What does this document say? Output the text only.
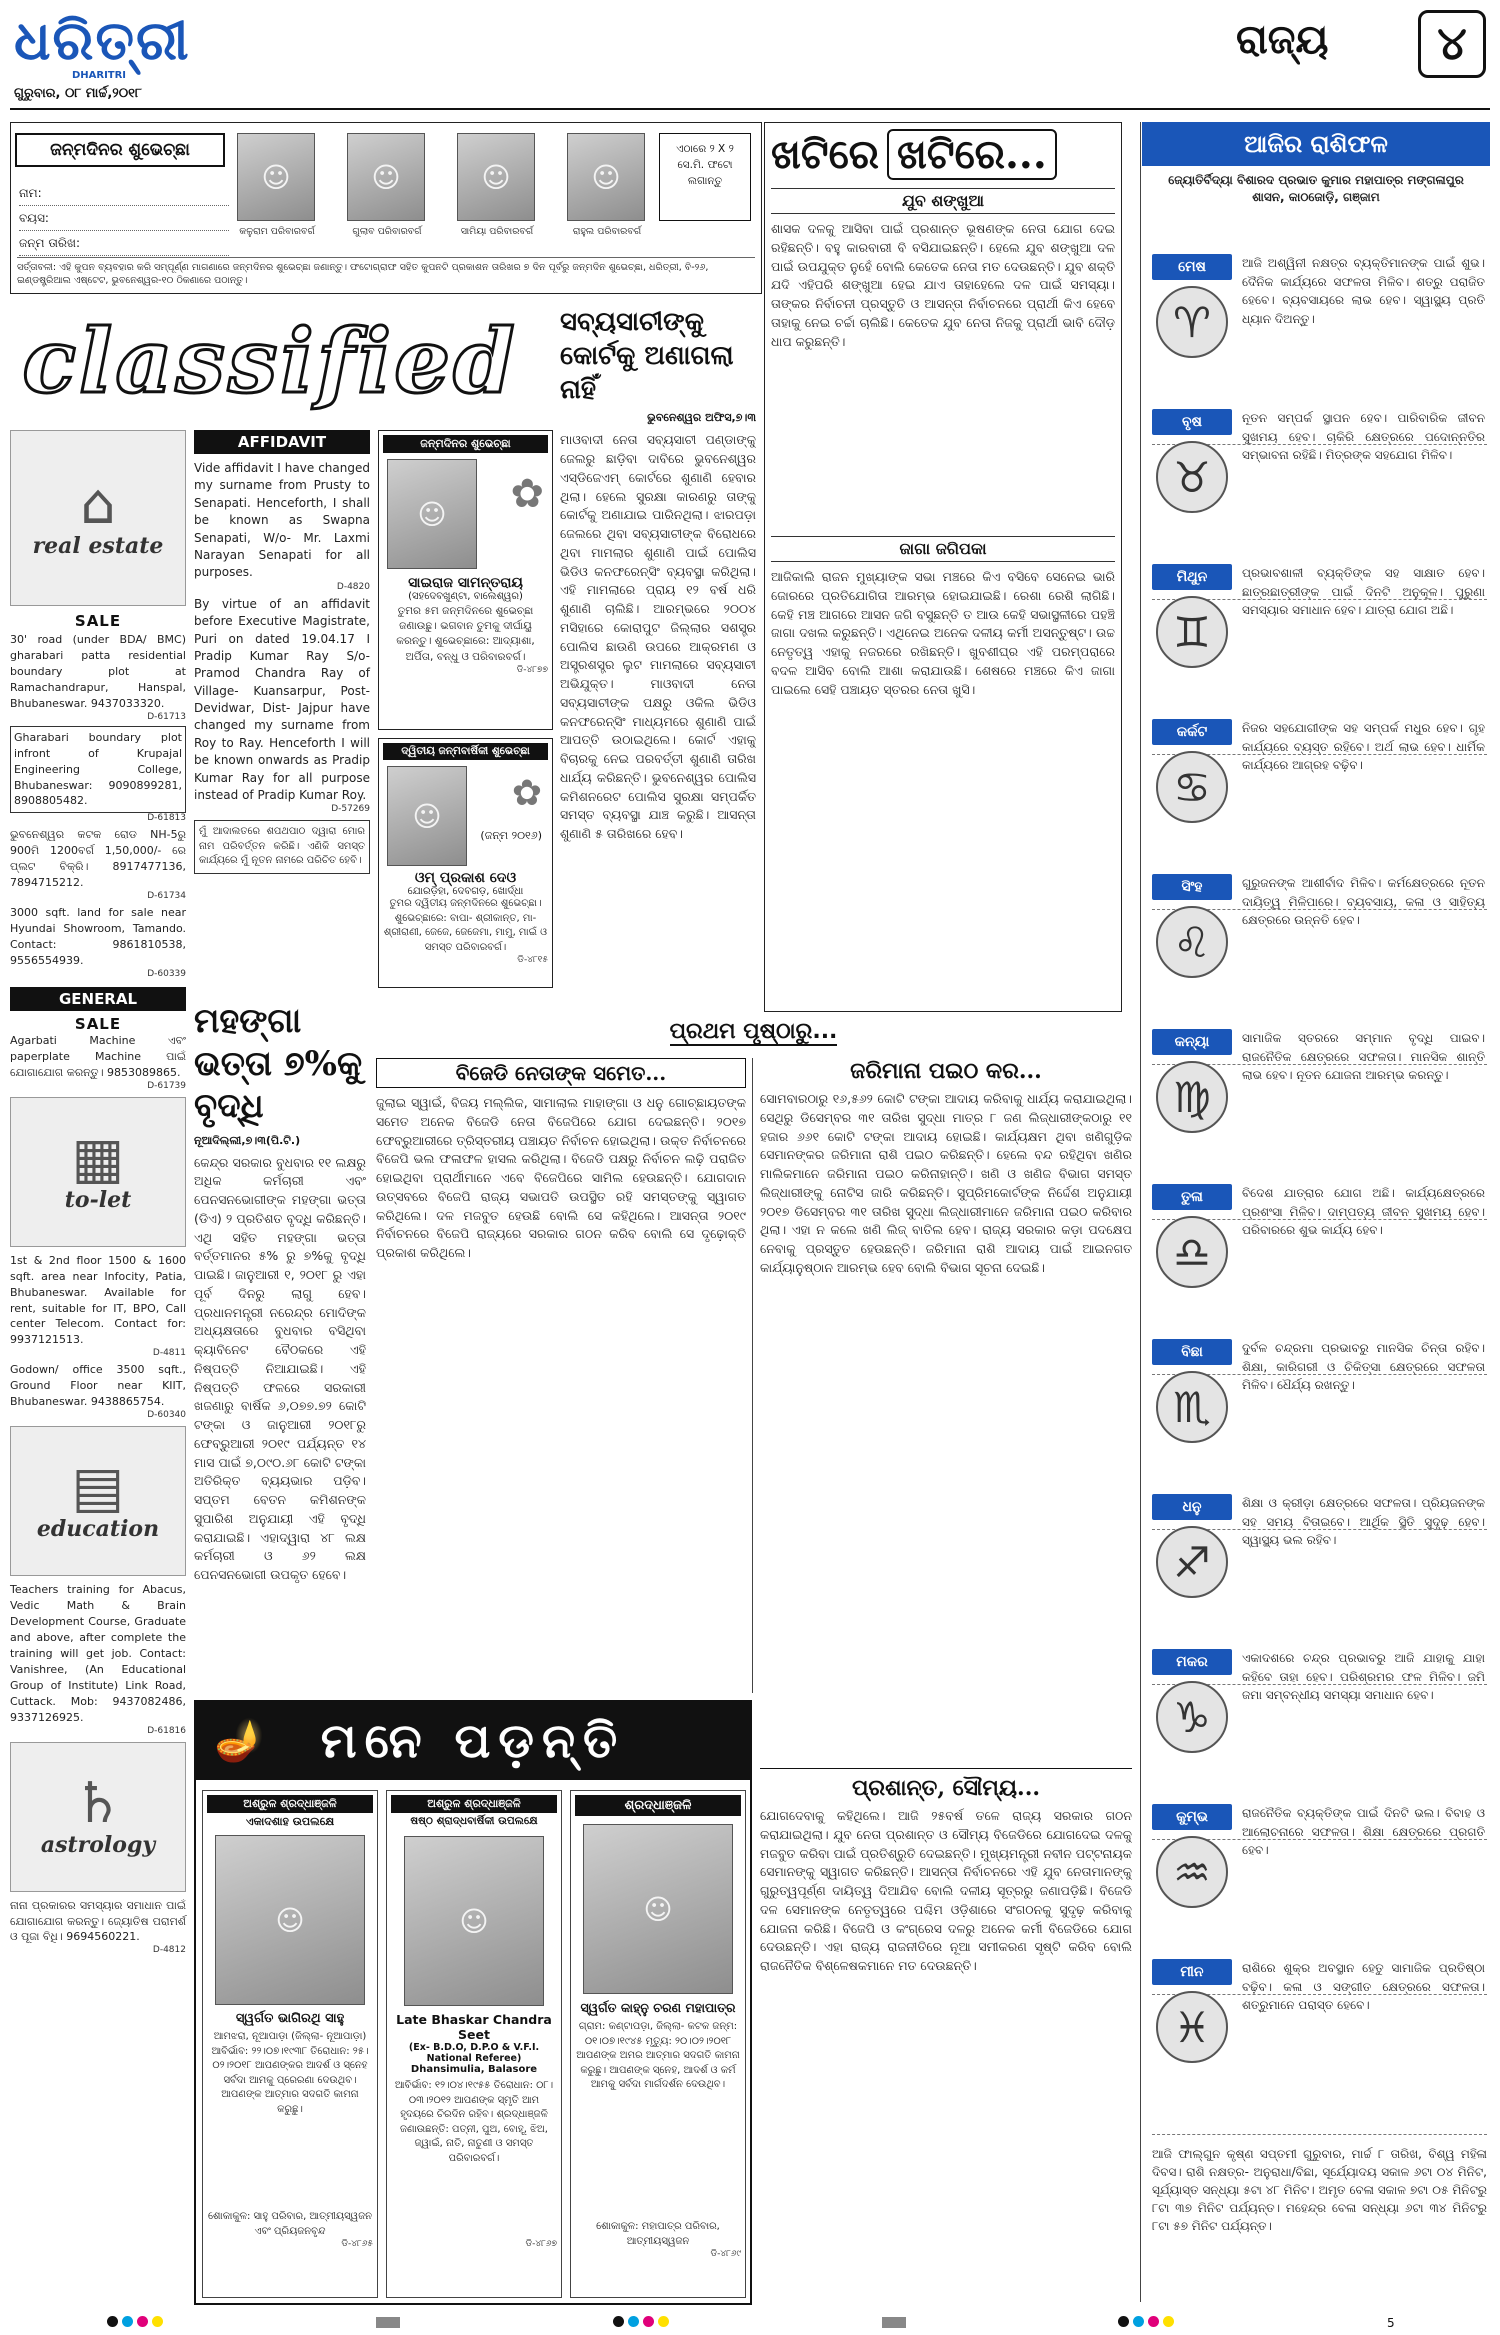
ଧରିତ୍ରୀ
DHARITRI
ଗୁରୁବାର, ୦୮ ମାର୍ଚ୍ଚ,୨୦୧୮
ରାଜ୍ୟ	୪
ଜନ୍ମଦିନର ଶୁଭେଚ୍ଛା
ନାମ:
ବୟସ:
ଜନ୍ମ ତାରିଖ:
☺	☺	☺	☺
କଳୁରାମ ପରିବାରବର୍ଗ	ଗୁଲାବ ପରିବାରବର୍ଗ	ସାମିୟା ପରିବାରବର୍ଗ	ରାହୁଲ ପରିବାରବର୍ଗ
ଏଠାରେ ୨ X ୨ ସେ.ମି. ଫଟୋ ଲଗାନ୍ତୁ
ସର୍ତ୍ତାବଳୀ: ଏହି କୁପନ ବ୍ୟବହାର କରି ସମ୍ପୂର୍ଣ୍ଣ ମାଗଣାରେ ଜନ୍ମଦିନର ଶୁଭେଚ୍ଛା ଜଣାନ୍ତୁ। ଫଟୋଗ୍ରାଫ ସହିତ କୁପନଟି ପ୍ରକାଶନ ତାରିଖର ୭ ଦିନ ପୂର୍ବରୁ ଜନ୍ମଦିନ ଶୁଭେଚ୍ଛା, ଧରିତ୍ରୀ, ବି-୨୬, ଇଣ୍ଡଷ୍ଟ୍ରିଆଲ ଏଷ୍ଟେଟ, ଭୁବନେଶ୍ୱର-୧୦ ଠିକଣାରେ ପଠାନ୍ତୁ।
classified
⌂
real estate
SALE
30' road (under BDA/ BMC) gharabari patta residential boundary plot at Ramachandrapur, Hanspal, Bhubaneswar. 9437033320.
D-61713
Gharabari boundary plot infront of Krupajal Engineering College, Bhubaneswar: 9090899281, 8908805482.
D-61813
ଭୁବନେଶ୍ୱର କଟକ ରୋଡ NH-5ରୁ 900ମି 1200ବର୍ଗ 1,50,000/- ରେ ପ୍ଲଟ ବିକ୍ରି। 8917477136, 7894715212.
D-61734
3000 sqft. land for sale near Hyundai Showroom, Tamando. Contact: 9861810538, 9556554939.
D-60339
GENERAL
SALE
Agarbati Machine ଏବଂ paperplate Machine ପାଇଁ ଯୋଗାଯୋଗ କରନ୍ତୁ। 9853089865.
D-61739
▦
to-let
1st & 2nd floor 1500 & 1600 sqft. area near Infocity, Patia, Bhubaneswar. Available for rent, suitable for IT, BPO, Call center Telecom. Contact for: 9937121513.
D-4811
Godown/ office 3500 sqft., Ground Floor near KIIT, Bhubaneswar. 9438865754.
D-60340
▤
education
Teachers training for Abacus, Vedic Math & Brain Development Course, Graduate and above, after complete the training will get job. Contact: Vanishree, (An Educational Group of Institute) Link Road, Cuttack. Mob: 9437082486, 9337126925.
D-61816
♄
astrology
ନାନା ପ୍ରକାରର ସମସ୍ୟାର ସମାଧାନ ପାଇଁ ଯୋଗାଯୋଗ କରନ୍ତୁ। ଜ୍ୟୋତିଷ ପରାମର୍ଶ ଓ ପୂଜା ବିଧି। 9694560221.
D-4812
AFFIDAVIT
Vide affidavit I have changed my surname from Prusty to Senapati. Henceforth, I shall be known as Swapna Senapati, W/o- Mr. Laxmi Narayan Senapati for all purposes.
D-4820
By virtue of an affidavit before Executive Magistrate, Puri on dated 19.04.17 I Pradip Kumar Ray S/o- Pramod Chandra Ray of Village- Kuansarpur, Post- Devidwar, Dist- Jajpur have changed my surname from Roy to Ray. Henceforth I will be known onwards as Pradip Kumar Ray for all purpose instead of Pradip Kumar Roy.
D-57269
ମୁଁ ଆଦାଲତରେ ଶପଥପାଠ ଦ୍ୱାରା ମୋର ନାମ ପରିବର୍ତ୍ତନ କରିଛି। ଏଣିକି ସମସ୍ତ କାର୍ଯ୍ୟରେ ମୁଁ ନୂତନ ନାମରେ ପରିଚିତ ହେବି।
ଜନ୍ମଦିନର ଶୁଭେଚ୍ଛା
☺	✿
ସାଇରାଜ ସାମନ୍ତରାୟ
(ସହଦେବଖୁଣ୍ଟା, ବାଲେଶ୍ୱର)
ତୁମର ୫ମ ଜନ୍ମଦିନରେ ଶୁଭେଚ୍ଛା ଜଣାଉଛୁ। ଭଗବାନ ତୁମକୁ ଦୀର୍ଘାୟୁ କରନ୍ତୁ। ଶୁଭେଚ୍ଛାରେ: ଆଦ୍ୟାଶା, ଅର୍ପିତା, ବନ୍ଧୁ ଓ ପରିବାରବର୍ଗ।
ଡି-୪୮୭୭
ଦ୍ୱିତୀୟ ଜନ୍ମବାର୍ଷିକୀ ଶୁଭେଚ୍ଛା
☺
(ଜନ୍ମ ୨୦୧୬)
✿
ଓମ୍ ପ୍ରକାଶ ଦେଓ
ଯୋରଡ଼ିହା, ଦେବଗଡ଼, ଖୋର୍ଦ୍ଧା
ତୁମର ଦ୍ୱିତୀୟ ଜନ୍ମଦିନରେ ଶୁଭେଚ୍ଛା। ଶୁଭେଚ୍ଛାରେ: ବାପା- ଶ୍ରୀକାନ୍ତ, ମା- ଶ୍ରୀରାଣୀ, ଜେଜେ, ଜେଜେମା, ମାମୁ, ମାଇଁ ଓ ସମସ୍ତ ପରିବାରବର୍ଗ।
ଡି-୪୮୧୫
ସବ୍ୟସାଚୀଙ୍କୁ କୋର୍ଟକୁ ଅଣାଗଲା ନାହିଁ
ଭୁବନେଶ୍ୱର ଅଫିସ,୭।୩
ମାଓବାଦୀ ନେତା ସବ୍ୟସାଚୀ ପଣ୍ଡାଙ୍କୁ ଜେଲରୁ ଛାଡ଼ିବା ଦାବିରେ ଭୁବନେଶ୍ୱର ଏସ୍‌ଡିଜେଏମ୍ କୋର୍ଟରେ ଶୁଣାଣି ହେବାର ଥିଲା। ହେଲେ ସୁରକ୍ଷା କାରଣରୁ ତାଙ୍କୁ କୋର୍ଟକୁ ଅଣାଯାଇ ପାରିନଥିଲା। ଝାରପଡ଼ା ଜେଲରେ ଥିବା ସବ୍ୟସାଚୀଙ୍କ ବିରୋଧରେ ଥିବା ମାମଲାର ଶୁଣାଣି ପାଇଁ ପୋଲିସ ଭିଡିଓ କନଫରେନ୍ସିଂ ବ୍ୟବସ୍ଥା କରିଥିଲା। ଏହି ମାମଲାରେ ପ୍ରାୟ ୧୨ ବର୍ଷ ଧରି ଶୁଣାଣି ଚାଲିଛି। ଆରମ୍ଭରେ ୨୦୦୪ ମସିହାରେ କୋରାପୁଟ ଜିଲ୍ଲାର ସଶସ୍ତ୍ର ପୋଲିସ ଛାଉଣି ଉପରେ ଆକ୍ରମଣ ଓ ଅସ୍ତ୍ରଶସ୍ତ୍ର ଲୁଟ ମାମଲାରେ ସବ୍ୟସାଚୀ ଅଭିଯୁକ୍ତ। ମାଓବାଦୀ ନେତା ସବ୍ୟସାଚୀଙ୍କ ପକ୍ଷରୁ ଓକିଲ ଭିଡିଓ କନଫରେନ୍ସିଂ ମାଧ୍ୟମରେ ଶୁଣାଣି ପାଇଁ ଆପତ୍ତି ଉଠାଇଥିଲେ। କୋର୍ଟ ଏହାକୁ ବିଚାରକୁ ନେଇ ପରବର୍ତ୍ତୀ ଶୁଣାଣି ତାରିଖ ଧାର୍ଯ୍ୟ କରିଛନ୍ତି। ଭୁବନେଶ୍ୱର ପୋଲିସ କମିଶନରେଟ ପୋଲିସ ସୁରକ୍ଷା ସମ୍ପର୍କିତ ସମସ୍ତ ବ୍ୟବସ୍ଥା ଯାଞ୍ଚ କରୁଛି। ଆସନ୍ତା ଶୁଣାଣି ୫ ତାରିଖରେ ହେବ।
ଖଟିରେ ଖଟିରେ...
ଯୁବ ଶଙ୍ଖୁଆ
ଶାସକ ଦଳକୁ ଆସିବା ପାଇଁ ପ୍ରଶାନ୍ତ ଭୂଷଣଙ୍କ ନେତା ଯୋଗ ଦେଇ ରହିଛନ୍ତି। ବହୁ କାରବାରୀ ବି ବସିଯାଇଛନ୍ତି। ହେଲେ ଯୁବ ଶଙ୍ଖୁଆ ଦଳ ପାଇଁ ଉପଯୁକ୍ତ ନୁହେଁ ବୋଲି କେତେକ ନେତା ମତ ଦେଉଛନ୍ତି। ଯୁବ ଶକ୍ତି ଯଦି ଏହିପରି ଶଙ୍ଖୁଆ ହେଇ ଯାଏ ତାହାହେଲେ ଦଳ ପାଇଁ ସମସ୍ୟା। ତାଙ୍କର ନିର୍ବାଚନୀ ପ୍ରସ୍ତୁତି ଓ ଆସନ୍ତା ନିର୍ବାଚନରେ ପ୍ରାର୍ଥୀ କିଏ ହେବେ ତାହାକୁ ନେଇ ଚର୍ଚ୍ଚା ଚାଲିଛି। କେତେକ ଯୁବ ନେତା ନିଜକୁ ପ୍ରାର୍ଥୀ ଭାବି ଦୌଡ଼ ଧାପ କରୁଛନ୍ତି।
ଜାଗା ଜଗିପକା
ଆଜିକାଲି ରାଜନ ମୁଖ୍ୟାଙ୍କ ସଭା ମଞ୍ଚରେ କିଏ ବସିବେ ସେନେଇ ଭାରି ଜୋରରେ ପ୍ରତିଯୋଗିତା ଆରମ୍ଭ ହୋଇଯାଇଛି। ରେଶା ରେଶି ଲାଗିଛି। କେହି ମଞ୍ଚ ଆଗରେ ଆସନ ଜଗି ବସୁଛନ୍ତି ତ ଆଉ କେହି ସଭାସ୍ଥଳୀରେ ପହଞ୍ଚି ଜାଗା ଦଖଲ କରୁଛନ୍ତି। ଏଥିନେଇ ଅନେକ ଦଳୀୟ କର୍ମୀ ଅସନ୍ତୁଷ୍ଟ। ଉଚ୍ଚ ନେତୃତ୍ୱ ଏହାକୁ ନଜରରେ ରଖିଛନ୍ତି। ଖୁବଶୀଘ୍ର ଏହି ପରମ୍ପରାରେ ବଦଳ ଆସିବ ବୋଲି ଆଶା କରାଯାଉଛି। ଶେଷରେ ମଞ୍ଚରେ କିଏ ଜାଗା ପାଇଲେ ସେହି ପଞ୍ଚାୟତ ସ୍ତରର ନେତା ଖୁସି।
ଆଜିର ରାଶିଫଳ
ଜ୍ୟୋତିର୍ବିଦ୍ୟା ବିଶାରଦ ପ୍ରଭାତ କୁମାର ମହାପାତ୍ର ମଙ୍ଗଳାପୁର ଶାସନ, କାଠଜୋଡ଼ି, ଗଞ୍ଜାମ
ମେଷ
♈
ଆଜି ଅଶ୍ୱିନୀ ନକ୍ଷତ୍ର ବ୍ୟକ୍ତିମାନଙ୍କ ପାଇଁ ଶୁଭ। ଦୈନିକ କାର୍ଯ୍ୟରେ ସଫଳତା ମିଳିବ। ଶତ୍ରୁ ପରାଜିତ ହେବେ। ବ୍ୟବସାୟରେ ଲାଭ ହେବ। ସ୍ୱାସ୍ଥ୍ୟ ପ୍ରତି ଧ୍ୟାନ ଦିଅନ୍ତୁ।
ବୃଷ
♉
ନୂତନ ସମ୍ପର୍କ ସ୍ଥାପନ ହେବ। ପାରିବାରିକ ଜୀବନ ସୁଖମୟ ହେବ। ଚାକିରି କ୍ଷେତ୍ରରେ ପଦୋନ୍ନତିର ସମ୍ଭାବନା ରହିଛି। ମିତ୍ରଙ୍କ ସହଯୋଗ ମିଳିବ।
ମିଥୁନ
♊
ପ୍ରଭାବଶାଳୀ ବ୍ୟକ୍ତିଙ୍କ ସହ ସାକ୍ଷାତ ହେବ। ଛାତ୍ରଛାତ୍ରୀଙ୍କ ପାଇଁ ଦିନଟି ଅନୁକୂଳ। ପୁରୁଣା ସମସ୍ୟାର ସମାଧାନ ହେବ। ଯାତ୍ରା ଯୋଗ ଅଛି।
କର୍କଟ
♋
ନିଜର ସହଯୋଗୀଙ୍କ ସହ ସମ୍ପର୍କ ମଧୁର ହେବ। ଗୃହ କାର୍ଯ୍ୟରେ ବ୍ୟସ୍ତ ରହିବେ। ଅର୍ଥ ଲାଭ ହେବ। ଧାର୍ମିକ କାର୍ଯ୍ୟରେ ଆଗ୍ରହ ବଢ଼ିବ।
ସିଂହ
♌
ଗୁରୁଜନଙ୍କ ଆଶୀର୍ବାଦ ମିଳିବ। କର୍ମକ୍ଷେତ୍ରରେ ନୂତନ ଦାୟିତ୍ୱ ମିଳିପାରେ। ବ୍ୟବସାୟ, କଳା ଓ ସାହିତ୍ୟ କ୍ଷେତ୍ରରେ ଉନ୍ନତି ହେବ।
କନ୍ୟା
♍
ସାମାଜିକ ସ୍ତରରେ ସମ୍ମାନ ବୃଦ୍ଧି ପାଇବ। ରାଜନୈତିକ କ୍ଷେତ୍ରରେ ସଫଳତା। ମାନସିକ ଶାନ୍ତି ଲାଭ ହେବ। ନୂତନ ଯୋଜନା ଆରମ୍ଭ କରନ୍ତୁ।
ତୁଳା
♎
ବିଦେଶ ଯାତ୍ରାର ଯୋଗ ଅଛି। କାର୍ଯ୍ୟକ୍ଷେତ୍ରରେ ପ୍ରଶଂସା ମିଳିବ। ଦାମ୍ପତ୍ୟ ଜୀବନ ସୁଖମୟ ହେବ। ପରିବାରରେ ଶୁଭ କାର୍ଯ୍ୟ ହେବ।
ବିଛା
♏
ଦୁର୍ବଳ ଚନ୍ଦ୍ରମା ପ୍ରଭାବରୁ ମାନସିକ ଚିନ୍ତା ରହିବ। ଶିକ୍ଷା, କାରିଗରୀ ଓ ଚିକିତ୍ସା କ୍ଷେତ୍ରରେ ସଫଳତା ମିଳିବ। ଧୈର୍ଯ୍ୟ ରଖନ୍ତୁ।
ଧନୁ
♐
ଶିକ୍ଷା ଓ କ୍ରୀଡ଼ା କ୍ଷେତ୍ରରେ ସଫଳତା। ପ୍ରିୟଜନଙ୍କ ସହ ସମୟ ବିତାଇବେ। ଆର୍ଥିକ ସ୍ଥିତି ସୁଦୃଢ଼ ହେବ। ସ୍ୱାସ୍ଥ୍ୟ ଭଲ ରହିବ।
ମକର
♑
ଏକାଦଶରେ ଚନ୍ଦ୍ର ପ୍ରଭାବରୁ ଆଜି ଯାହାକୁ ଯାହା କହିବେ ତାହା ହେବ। ପରିଶ୍ରମର ଫଳ ମିଳିବ। ଜମି ଜମା ସମ୍ବନ୍ଧୀୟ ସମସ୍ୟା ସମାଧାନ ହେବ।
କୁମ୍ଭ
♒
ରାଜନୈତିକ ବ୍ୟକ୍ତିଙ୍କ ପାଇଁ ଦିନଟି ଭଲ। ବିବାହ ଓ ଆଲୋଚନାରେ ସଫଳତା। ଶିକ୍ଷା କ୍ଷେତ୍ରରେ ପ୍ରଗତି ହେବ।
ମୀନ
♓
ରାଶିରେ ଶୁକ୍ର ଅବସ୍ଥାନ ହେତୁ ସାମାଜିକ ପ୍ରତିଷ୍ଠା ବଢ଼ିବ। କଳା ଓ ସଙ୍ଗୀତ କ୍ଷେତ୍ରରେ ସଫଳତା। ଶତ୍ରୁମାନେ ପରାସ୍ତ ହେବେ।
ଆଜି ଫାଲ୍ଗୁନ କୃଷ୍ଣ ସପ୍ତମୀ ଗୁରୁବାର, ମାର୍ଚ୍ଚ ୮ ତାରିଖ, ବିଶ୍ୱ ମହିଳା ଦିବସ। ରାଶି ନକ୍ଷତ୍ର- ଅନୁରାଧା/ବିଛା, ସୂର୍ଯ୍ୟୋଦୟ ସକାଳ ୬ଟା ୦୪ ମିନିଟ, ସୂର୍ଯ୍ୟାସ୍ତ ସନ୍ଧ୍ୟା ୫ଟା ୪୮ ମିନିଟ। ଅମୃତ ବେଳା ସକାଳ ୭ଟା ୦୫ ମିନିଟରୁ ୮ଟା ୩୭ ମିନିଟ ପର୍ଯ୍ୟନ୍ତ। ମହେନ୍ଦ୍ର ବେଳା ସନ୍ଧ୍ୟା ୬ଟା ୩୪ ମିନିଟରୁ ୮ଟା ୫୭ ମିନିଟ ପର୍ଯ୍ୟନ୍ତ।
ମହଙ୍ଗା ଭତ୍ତା ୭%କୁ ବୃଦ୍ଧି
ନୂଆଦିଲ୍ଲୀ,୭।୩(ପି.ଟି.)
କେନ୍ଦ୍ର ସରକାର ବୁଧବାର ୧୧ ଲକ୍ଷରୁ ଅଧିକ କର୍ମଚାରୀ ଏବଂ ପେନସନଭୋଗୀଙ୍କ ମହଙ୍ଗା ଭତ୍ତା (ଡିଏ) ୨ ପ୍ରତିଶତ ବୃଦ୍ଧି କରିଛନ୍ତି। ଏଥି ସହିତ ମହଙ୍ଗା ଭତ୍ତା ବର୍ତ୍ତମାନର ୫% ରୁ ୭%କୁ ବୃଦ୍ଧି ପାଇଛି। ଜାନୁଆରୀ ୧, ୨୦୧୮ ରୁ ଏହା ପୂର୍ବ ଦିନରୁ ଲାଗୁ ହେବ। ପ୍ରଧାନମନ୍ତ୍ରୀ ନରେନ୍ଦ୍ର ମୋଦିଙ୍କ ଅଧ୍ୟକ୍ଷତାରେ ବୁଧବାର ବସିଥିବା କ୍ୟାବିନେଟ ବୈଠକରେ ଏହି ନିଷ୍ପତ୍ତି ନିଆଯାଇଛି। ଏହି ନିଷ୍ପତ୍ତି ଫଳରେ ସରକାରୀ ଖଜଣାରୁ ବାର୍ଷିକ ୬,୦୭୭.୭୨ କୋଟି ଟଙ୍କା ଓ ଜାନୁଆରୀ ୨୦୧୮ରୁ ଫେବ୍ରୁଆରୀ ୨୦୧୯ ପର୍ଯ୍ୟନ୍ତ ୧୪ ମାସ ପାଇଁ ୭,୦୯୦.୬୮ କୋଟି ଟଙ୍କା ଅତିରିକ୍ତ ବ୍ୟୟଭାର ପଡ଼ିବ। ସପ୍ତମ ବେତନ କମିଶନଙ୍କ ସୁପାରିଶ ଅନୁଯାୟୀ ଏହି ବୃଦ୍ଧି କରାଯାଇଛି। ଏହାଦ୍ୱାରା ୪୮ ଲକ୍ଷ କର୍ମଚାରୀ ଓ ୬୨ ଲକ୍ଷ ପେନସନଭୋଗୀ ଉପକୃତ ହେବେ।
ପ୍ରଥମ ପୃଷ୍ଠାରୁ...
ବିଜେଡି ନେତାଙ୍କ ସମେତ...
ଜୁଲାଇ ସ୍ୱାଇଁ, ବିଜୟ ମଲ୍ଲିକ, ସାମାଲାଲ ମାହାଙ୍ଗା ଓ ଧନୁ ଗୋଚ୍ଛାୟତଙ୍କ ସମେତ ଅନେକ ବିଜେଡି ନେତା ବିଜେପିରେ ଯୋଗ ଦେଇଛନ୍ତି। ୨୦୧୭ ଫେବ୍ରୁଆରୀରେ ତ୍ରିସ୍ତରୀୟ ପଞ୍ଚାୟତ ନିର୍ବାଚନ ହୋଇଥିଲା। ଉକ୍ତ ନିର୍ବାଚନରେ ବିଜେପି ଭଲ ଫଳାଫଳ ହାସଲ କରିଥିଲା। ବିଜେଡି ପକ୍ଷରୁ ନିର୍ବାଚନ ଲଢ଼ି ପରାଜିତ ହୋଇଥିବା ପ୍ରାର୍ଥୀମାନେ ଏବେ ବିଜେପିରେ ସାମିଲ ହେଉଛନ୍ତି। ଯୋଗଦାନ ଉତ୍ସବରେ ବିଜେପି ରାଜ୍ୟ ସଭାପତି ଉପସ୍ଥିତ ରହି ସମସ୍ତଙ୍କୁ ସ୍ୱାଗତ କରିଥିଲେ। ଦଳ ମଜବୁତ ହେଉଛି ବୋଲି ସେ କହିଥିଲେ। ଆସନ୍ତା ୨୦୧୯ ନିର୍ବାଚନରେ ବିଜେପି ରାଜ୍ୟରେ ସରକାର ଗଠନ କରିବ ବୋଲି ସେ ଦୃଢ଼ୋକ୍ତି ପ୍ରକାଶ କରିଥିଲେ।
ଜରିମାନା ପଇଠ କର...
ସୋମବାରଠାରୁ ୧୬,୫୬୨ କୋଟି ଟଙ୍କା ଆଦାୟ କରିବାକୁ ଧାର୍ଯ୍ୟ କରାଯାଇଥିଲା। ସେଥିରୁ ଡିସେମ୍ବର ୩୧ ତାରିଖ ସୁଦ୍ଧା ମାତ୍ର ୮ ଜଣ ଲିଜ୍‌ଧାରୀଙ୍କଠାରୁ ୧୧ ହଜାର ୬୬୧ କୋଟି ଟଙ୍କା ଆଦାୟ ହୋଇଛି। କାର୍ଯ୍ୟକ୍ଷମ ଥିବା ଖଣିଗୁଡ଼ିକ ସେମାନଙ୍କର ଜରିମାନା ରାଶି ପଇଠ କରିଛନ୍ତି। ହେଲେ ବନ୍ଦ ରହିଥିବା ଖଣିର ମାଲିକମାନେ ଜରିମାନା ପଇଠ କରିନାହାନ୍ତି। ଖଣି ଓ ଖଣିଜ ବିଭାଗ ସମସ୍ତ ଲିଜ୍‌ଧାରୀଙ୍କୁ ନୋଟିସ ଜାରି କରିଛନ୍ତି। ସୁପ୍ରିମକୋର୍ଟଙ୍କ ନିର୍ଦ୍ଦେଶ ଅନୁଯାୟୀ ୨୦୧୭ ଡିସେମ୍ବର ୩୧ ତାରିଖ ସୁଦ୍ଧା ଲିଜ୍‌ଧାରୀମାନେ ଜରିମାନା ପଇଠ କରିବାର ଥିଲା। ଏହା ନ କଲେ ଖଣି ଲିଜ୍ ବାତିଲ ହେବ। ରାଜ୍ୟ ସରକାର କଡ଼ା ପଦକ୍ଷେପ ନେବାକୁ ପ୍ରସ୍ତୁତ ହେଉଛନ୍ତି। ଜରିମାନା ରାଶି ଆଦାୟ ପାଇଁ ଆଇନଗତ କାର୍ଯ୍ୟାନୁଷ୍ଠାନ ଆରମ୍ଭ ହେବ ବୋଲି ବିଭାଗ ସୂଚନା ଦେଇଛି।
ପ୍ରଶାନ୍ତ, ସୌମ୍ୟ...
ଯୋଗଦେବାକୁ କହିଥିଲେ। ଆଜି ୨୫ବର୍ଷ ତଳେ ରାଜ୍ୟ ସରକାର ଗଠନ କରାଯାଇଥିଲା। ଯୁବ ନେତା ପ୍ରଶାନ୍ତ ଓ ସୌମ୍ୟ ବିଜେଡିରେ ଯୋଗଦେଇ ଦଳକୁ ମଜବୁତ କରିବା ପାଇଁ ପ୍ରତିଶ୍ରୁତି ଦେଇଛନ୍ତି। ମୁଖ୍ୟମନ୍ତ୍ରୀ ନବୀନ ପଟ୍ଟନାୟକ ସେମାନଙ୍କୁ ସ୍ୱାଗତ କରିଛନ୍ତି। ଆସନ୍ତା ନିର୍ବାଚନରେ ଏହି ଯୁବ ନେତାମାନଙ୍କୁ ଗୁରୁତ୍ୱପୂର୍ଣ୍ଣ ଦାୟିତ୍ୱ ଦିଆଯିବ ବୋଲି ଦଳୀୟ ସୂତ୍ରରୁ ଜଣାପଡ଼ିଛି। ବିଜେଡି ଦଳ ସେମାନଙ୍କ ନେତୃତ୍ୱରେ ପଶ୍ଚିମ ଓଡ଼ିଶାରେ ସଂଗଠନକୁ ସୁଦୃଢ଼ କରିବାକୁ ଯୋଜନା କରିଛି। ବିଜେପି ଓ କଂଗ୍ରେସ ଦଳରୁ ଅନେକ କର୍ମୀ ବିଜେଡିରେ ଯୋଗ ଦେଉଛନ୍ତି। ଏହା ରାଜ୍ୟ ରାଜନୀତିରେ ନୂଆ ସମୀକରଣ ସୃଷ୍ଟି କରିବ ବୋଲି ରାଜନୈତିକ ବିଶ୍ଳେଷକମାନେ ମତ ଦେଉଛନ୍ତି।
🪔 ମନେ ପଡ଼ନ୍ତି
ଅଶ୍ରୁଳ ଶ୍ରଦ୍ଧାଞ୍ଜଳି
ଏକାଦଶାହ ଉପଲକ୍ଷେ
☺
ସ୍ୱର୍ଗତ ଭାଗିରଥି ସାହୁ
ଆମଝରା, ନୂଆପାଡ଼ା (ଜିଲ୍ଲା- ନୂଆପାଡ଼ା) ଆବିର୍ଭାବ: ୨୨।୦୭।୧୯୩୮ ତିରୋଧାନ: ୨୫।୦୨।୨୦୧୮ ଆପଣଙ୍କର ଆଦର୍ଶ ଓ ସ୍ନେହ ସର୍ବଦା ଆମକୁ ପ୍ରେରଣା ଦେଉଥିବ। ଆପଣଙ୍କ ଆତ୍ମାର ସଦଗତି କାମନା କରୁଛୁ।
ଶୋକାକୁଳ: ସାହୁ ପରିବାର, ଆତ୍ମୀୟସ୍ୱଜନ ଏବଂ ପ୍ରିୟଜନବୃନ୍ଦ
ଡି-୪୮୬୫
ଅଶ୍ରୁଳ ଶ୍ରଦ୍ଧାଞ୍ଜଳି
ଷଷ୍ଠ ଶ୍ରାଦ୍ଧବାର୍ଷିକୀ ଉପଲକ୍ଷେ
☺
Late Bhaskar Chandra Seet
(Ex- B.D.O, D.P.O & V.F.I. National Referee)
Dhansimulia, Balasore
ଆବିର୍ଭାବ: ୧୨।୦୪।୧୯୫୫ ତିରୋଧାନ: ୦୮।୦୩।୨୦୧୨ ଆପଣଙ୍କ ସ୍ମୃତି ଆମ ହୃଦୟରେ ଚିରଦିନ ରହିବ। ଶ୍ରଦ୍ଧାଞ୍ଜଳି ଜଣାଉଛନ୍ତି: ପତ୍ନୀ, ପୁଅ, ବୋହୂ, ଝିଅ, ଜ୍ୱାଇଁ, ନାତି, ନାତୁଣୀ ଓ ସମସ୍ତ ପରିବାରବର୍ଗ।
ଡି-୪୮୬୭
ଶ୍ରଦ୍ଧାଞ୍ଜଳି
☺
ସ୍ୱର୍ଗତ କାହ୍ନୁ ଚରଣ ମହାପାତ୍ର
ଗ୍ରାମ: କଣ୍ଟାପଡ଼ା, ଜିଲ୍ଲା- କଟକ ଜନ୍ମ: ୦୧।୦୭।୧୯୪୫ ମୃତ୍ୟୁ: ୨୦।୦୨।୨୦୧୮ ଆପଣଙ୍କ ଅମର ଆତ୍ମାର ସଦଗତି କାମନା କରୁଛୁ। ଆପଣଙ୍କ ସ୍ନେହ, ଆଦର୍ଶ ଓ କର୍ମ ଆମକୁ ସର୍ବଦା ମାର୍ଗଦର୍ଶନ ଦେଉଥିବ।
ଶୋକାକୁଳ: ମହାପାତ୍ର ପରିବାର, ଆତ୍ମୀୟସ୍ୱଜନ
ଡି-୪୮୬୯
5
